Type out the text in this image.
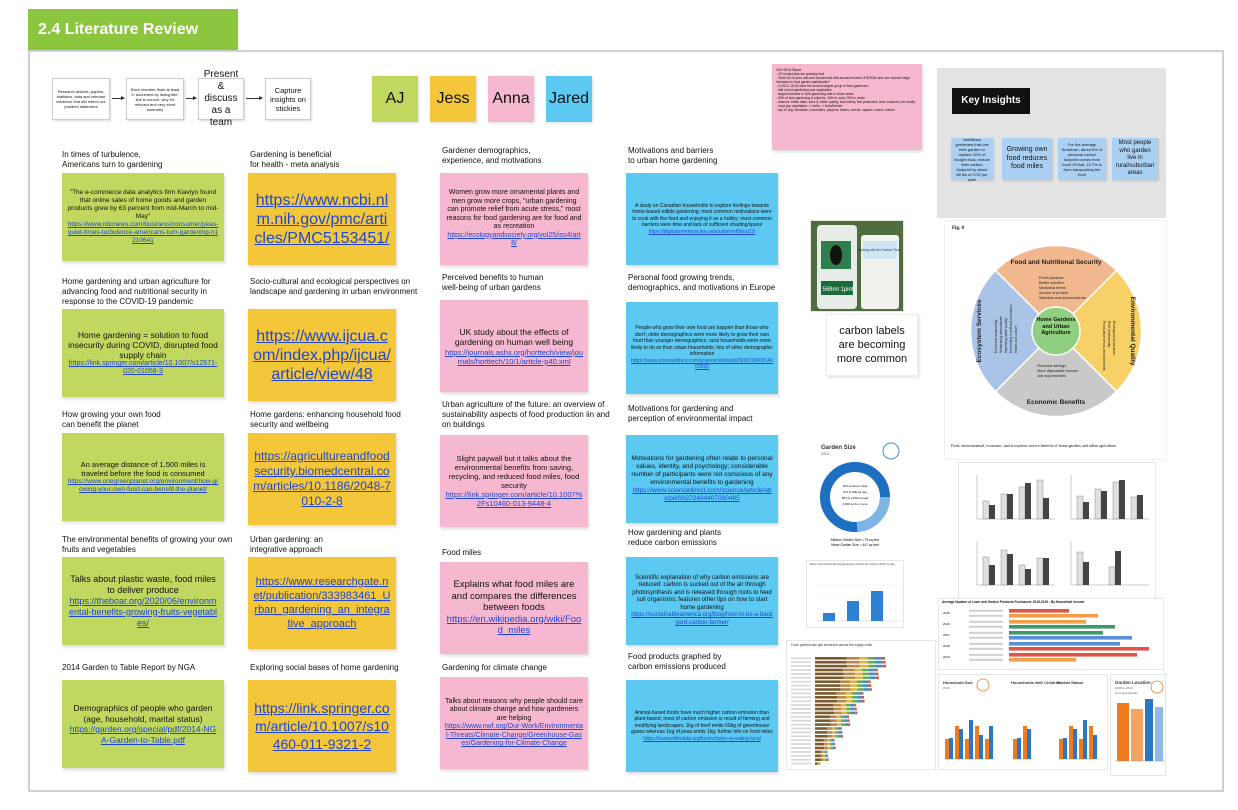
2.4 Literature Review
Research articles, papers, statistics, data and relevant evidence that will inform our problem statement
Each member finds at least 5; document by listing title, link to source, why it's relevant and very short summary
Present & discuss as a team
Capture insights on stickies
AJ	Jess	Anna Jared
In times of turbulence,
Americans turn to gardening
"The e-commerce data analytics firm Klaviyo found that online sales of home goods and garden products grew by 63 percent from mid-March to mid-May"
https://www.nbcnews.com/business/consumer/peas-quiet-times-turbulence-americans-turn-gardening-n1210641
Home gardening and urban agriculture for advancing food and nutritional security in response to the COVID-19 pandemic
Home gardening = solution to food insecurity during COVID, disrupted food supply chain
https://link.springer.com/article/10.1007/s12571-020-01058-3
How growing your own food
can benefit the planet
An average distance of 1,500 miles is traveled before the food is consumed
https://www.onegreenplanet.org/environment/how-growing-your-own-food-can-benefit-the-planet/
The environmental benefits of growing your own fruits and vegetables
Talks about plastic waste, food miles to deliver produce
https://theboar.org/2020/06/environmental-benefits-growing-fruits-vegetables/
2014 Garden to Table Report by NGA
Demographics of people who garden (age, household, marital status)
https://garden.org/special/pdf/2014-NGA-Garden-to-Table.pdf
Gardening is beneficial
for health - meta analysis
https://www.ncbi.nlm.nih.gov/pmc/articles/PMC5153451/
Socio-cultural and ecological perspectives on landscape and gardening in urban environment
https://www.ijcua.com/index.php/ijcua/article/view/48
Home gardens: enhancing household food security and wellbeing
https://agricultureandfoodsecurity.biomedcentral.com/articles/10.1186/2048-7010-2-8
Urban gardening: an
integrative approach
https://www.researchgate.net/publication/333983461_Urban_gardening_an_integrative_approach
Exploring social bases of home gardening
https://link.springer.com/article/10.1007/s10460-011-9321-2
Gardener demographics,
experience, and motivations
Women grow more ornamental plants and men grow more crops, "urban gardening can promote relief from acute stress," most reasons for food gardening are for food and as recreation
https://ecologyandsociety.org/vol25/iss4/art8/
Perceived benefits to human
well-being of urban gardens
UK study about the effects of gardening on human well being
https://journals.ashs.org/horttech/view/journals/horttech/10/1/article-p40.xml
Urban agriculture of the future: an overview of sustainability aspects of food production iin and on buildings
Slight paywall but it talks about the environmental benefits from saving, recycling, and reduced food miles, food security
https://link.springer.com/article/10.1007%2Fs10460-013-9448-4
Food miles
Explains what food miles are and compares the differences between foods
https://en.wikipedia.org/wiki/Food_miles
Gardening for climate change
Talks about reasons why people should care about climate change and how gardeners are helping
https://www.nwf.org/Our-Work/Environmental-Threats/Climate-Change/Greenhouse-Gases/Gardening-for-Climate-Change
Motivations and barriers
to urban home gardening
A study on Canadian households to explore feelings towards home-based edible gardening; most common motivations were to cook with the food and enjoying it as a hobby; most common barriers were time and lack of sufficient shading/space
https://digitalcommons.lmu.edu/urbe/vol9/iss1/3/
Personal food growing trends,
demographics, and motivations in Europe
People who grow their own food are happier than those who don't; older demographics were more likely to grow their own food than younger demographics; rural households were more likely to do so than urban households; lots of other demographic information
https://www.sciencedirect.com/science/article/pii/S0921800914003693
Motivations for gardening and
perception of environmental impact
Motivations for gardening often relate to personal values, identity, and psychology; considerable number of participants were not conscious of any environmental benefits to gardening
https://www.sciencedirect.com/science/article/abs/pii/S0272494407000485
How gardening and plants
reduce carbon emissions
Scientific explanation of why carbon emissions are reduced: carbon is sucked out of the air through photosynthesis and is released through roots to feed soil organisms; features other tips on how to start home gardening
https://sustainableamerica.org/blog/how-to-be-a-backyard-carbon-farmer/
Food products graphed by
carbon emissions produced
Animal-based foods have much higher carbon emission than plant-based; most of carbon emission is result of farming and modifying landscapes; 1kg of beef emits 60kg of greenhouse gases whereas 1kg of peas emits 1kg; further info on food miles
https://ourworldindata.org/food-choice-vs-eating-local
2014 NGA Report
- US households are growing food
- "Both 18-34 year-olds and households with annual incomes of $75000 and over showed large increases in food garden participation"
- In 2013, 18-34 were the second largest group of food gardeners
- half of food gardening was vegetables
- largest increase in food gardening was in urban areas
- 50% of food gardening in suburbs, 16% in rural, 29% in urban
- reasons: better taste, save $, better quality, food safety, feel productive, time outdoors, live locally
- most pop vegetables -> herbs -> fruits/berries
- top 10 veg: tomatoes, cucumbers, peppers, beans, carrots, squash, onions, lettuce
568ml 1pint
Working with the Carbon Trust
carbon labels are becoming more common
Key Insights
Ambitious gardeners that use their garden to replace 20% of bought food, reduce their carbon footprint by about 68 lbs of CO2 per year
Growing own food reduces food miles
For the average American, about 6% of personal carbon footprint comes from food! Of that, 10.7% is from transporting the food
Most people who garden live in rural/suburban areas
Fig. 8
Food and Nutritional Security
Fresh produce
Better nutrition
Medicinal herbs
Source of protein
Vitamins and micronutrients	Environmental Quality
Ecological production
Rich biodiversity
Productive micro-environments
Economic Benefits
Financial savings
More disposable income
Job opportunities
Ecosystem Services	Enhanced biodiversity Moderating microclimate Improving water quality Controlling runoff and inundation Health and culture
Home Gardens and Urban Agriculture
Food, environmental, economic, and ecosystem service benefits of home gardens and urban agriculture
Garden Size
2013
100 sq feet or less
101 to 500 sq feet
501 to 2,000 sq feet
2,000 sq ft or more
Median Garden Size = 75 sq feet
Mean Garden Size = 447 sq feet
Share of Americans who did gardening in the last 12 months in 2018, by age
Food: greenhouse gas emissions across the supply chain
Average Number of Lawn and Garden Products Purchased: 2015-2019 - By Household Income
2015
2016
2017
2018
2019
Household Size
2013
Households with Children
Marital Status	Garden Location
2008 to 2013
% of Households
